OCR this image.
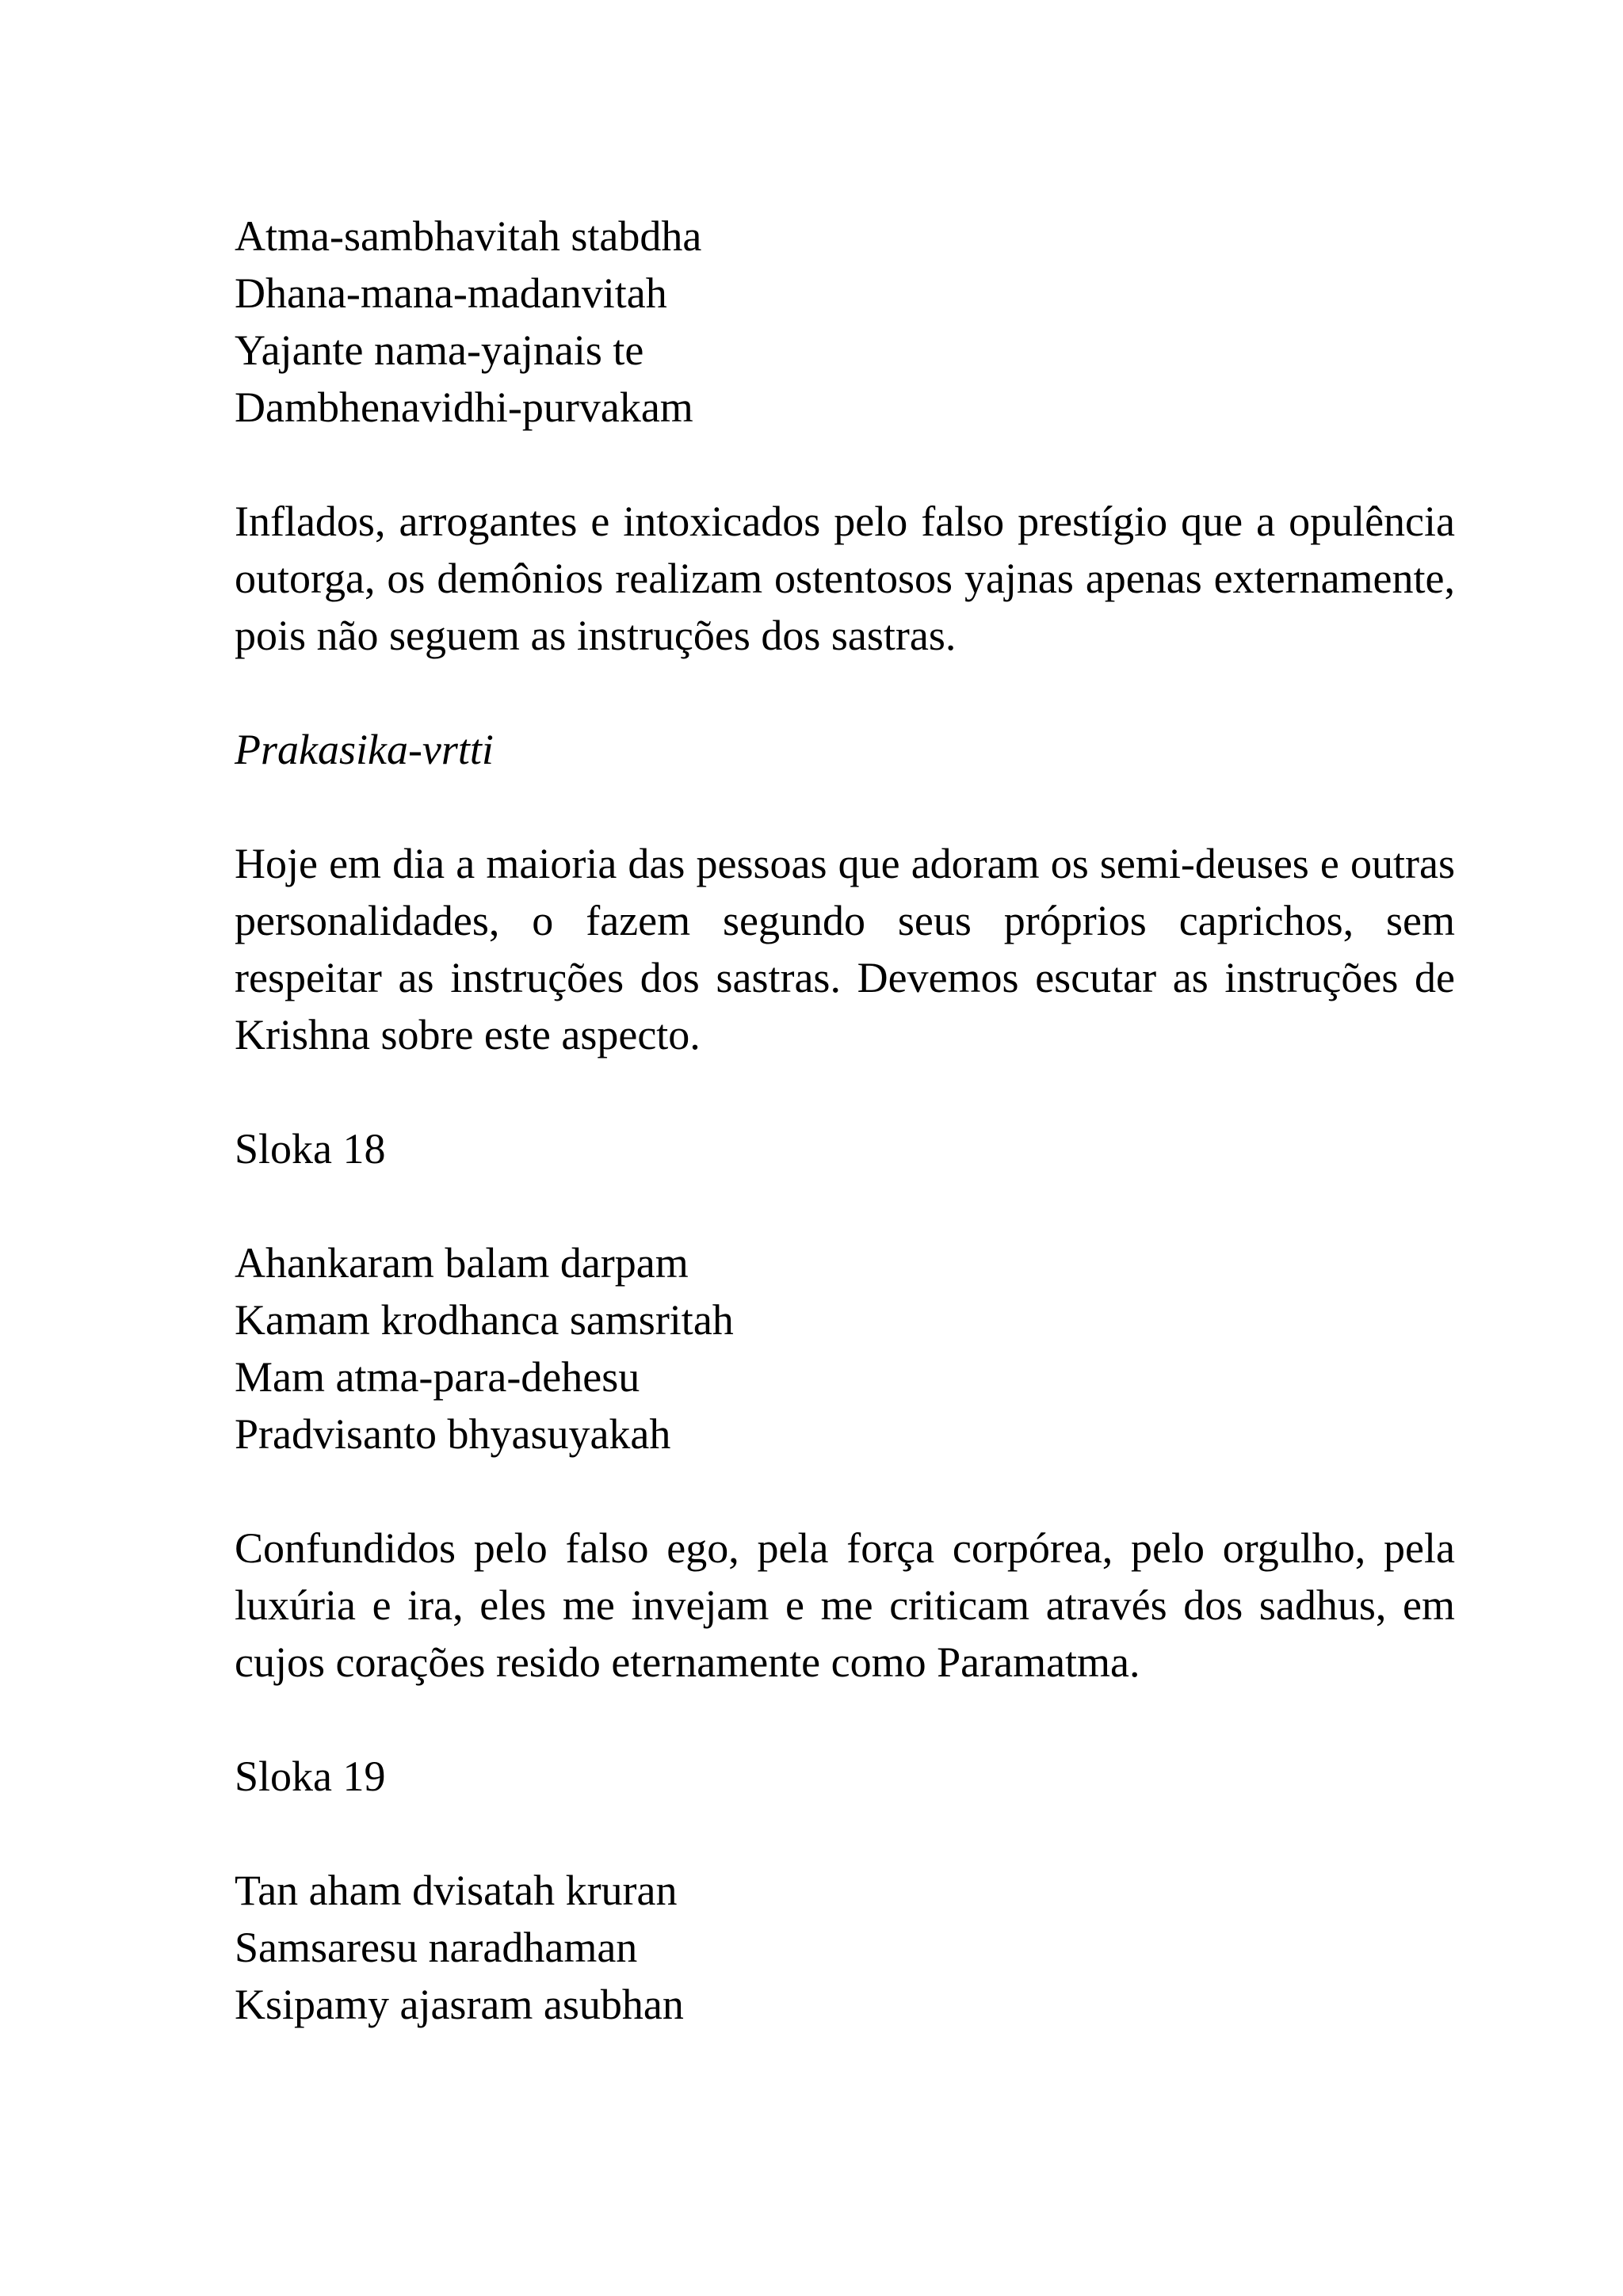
Atma-sambhavitah stabdha
Dhana-mana-madanvitah
Yajante nama-yajnais te
Dambhenavidhi-purvakam

Inflados, arrogantes e intoxicados pelo falso prestígio que a opulência outorga, os demônios realizam ostentosos yajnas apenas externamente, pois não seguem as instruções dos sastras.

Prakasika-vrtti

Hoje em dia a maioria das pessoas que adoram os semi-deuses e outras personalidades, o fazem segundo seus próprios caprichos, sem respeitar as instruções dos sastras. Devemos escutar as instruções de Krishna sobre este aspecto.

Sloka 18
Ahankaram balam darpam
Kamam krodhanca samsritah
Mam atma-para-dehesu
Pradvisanto bhyasuyakah

Confundidos pelo falso ego, pela força corpórea, pelo orgulho, pela luxúria e ira, eles me invejam e me criticam através dos sadhus, em cujos corações resido eternamente como Paramatma.

Sloka 19
Tan aham dvisatah kruran
Samsaresu naradhaman
Ksipamy ajasram asubhan
